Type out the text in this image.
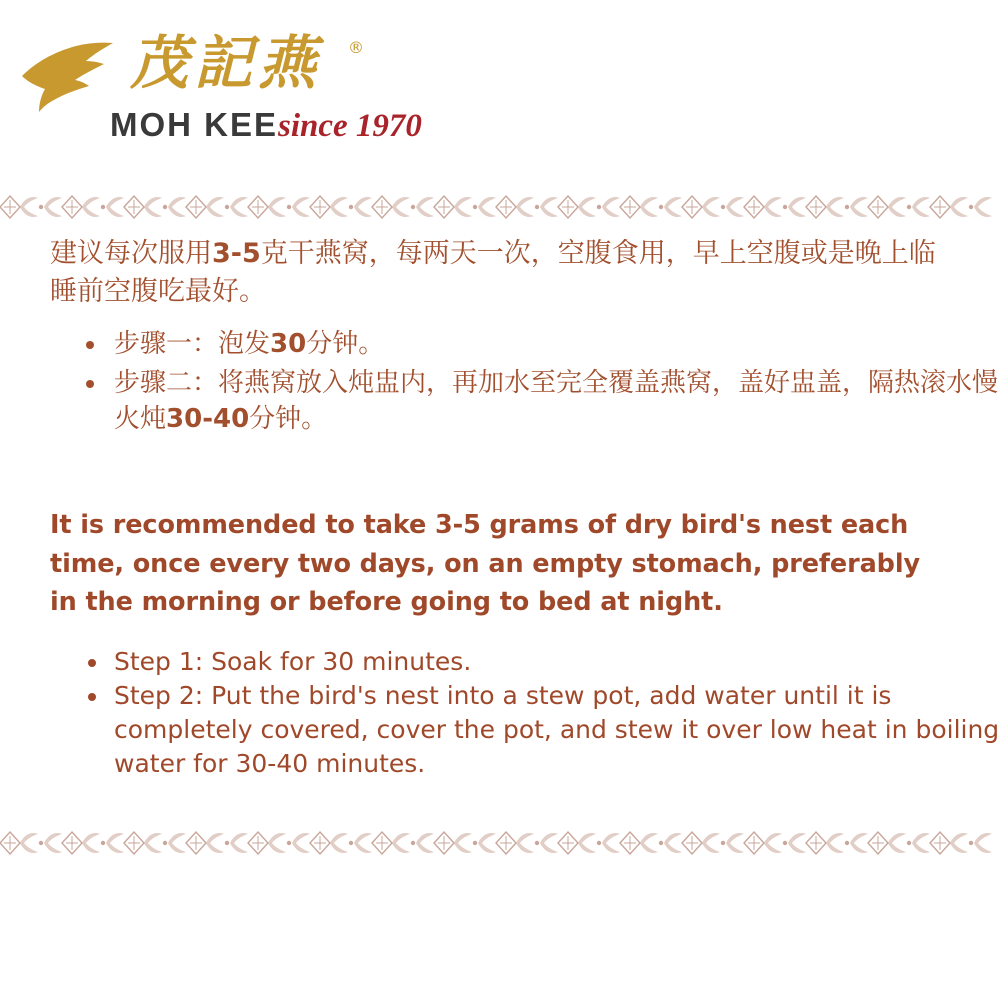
茂記燕 ®
MOH KEEsince 1970

建议每次服用3-5克干燕窝，每两天一次，空腹食用，早上空腹或是晚上临睡前空腹吃最好。

• 步骤一：泡发30分钟。
• 步骤二：将燕窝放入炖盅内，再加水至完全覆盖燕窝，盖好盅盖，隔热滚水慢火炖30-40分钟。

It is recommended to take 3-5 grams of dry bird's nest each time, once every two days, on an empty stomach, preferably in the morning or before going to bed at night.

• Step 1: Soak for 30 minutes.
• Step 2: Put the bird's nest into a stew pot, add water until it is completely covered, cover the pot, and stew it over low heat in boiling water for 30-40 minutes.
